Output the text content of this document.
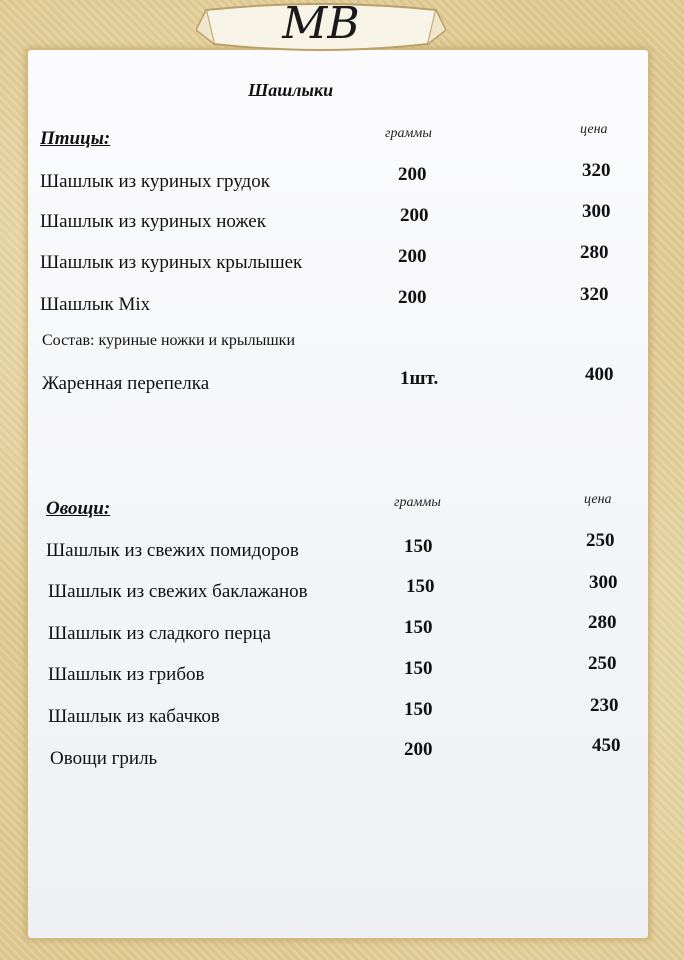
МВ
Шашлыки
Птицы:	граммы	цена
Шашлык из куриных грудок	200	320
Шашлык из куриных ножек	200	300
Шашлык из куриных крылышек	200	280
Шашлык Mix	200	320
Состав: куриные ножки и крылышки
Жаренная перепелка	1шт.	400
Овощи:	граммы	цена
Шашлык из свежих помидоров	150	250
Шашлык из свежих баклажанов	150	300
Шашлык из сладкого перца	150	280
Шашлык из грибов	150	250
Шашлык из кабачков	150	230
Овощи гриль	200	450
